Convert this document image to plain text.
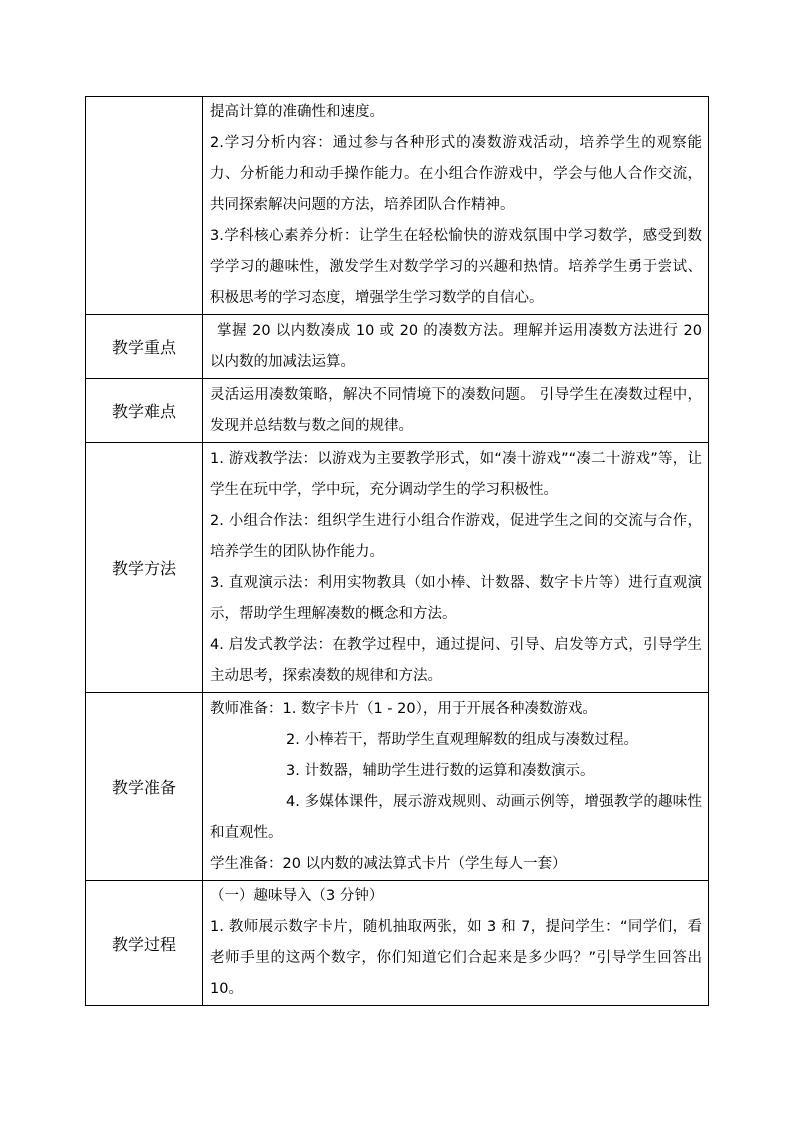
	提高计算的准确性和速度。

2.学习分析内容：通过参与各种形式的凑数游戏活动，培养学生的观察能力、分析能力和动手操作能力。在小组合作游戏中，学会与他人合作交流，共同探索解决问题的方法，培养团队合作精神。

3.学科核心素养分析：让学生在轻松愉快的游戏氛围中学习数学，感受到数学学习的趣味性，激发学生对数学学习的兴趣和热情。培养学生勇于尝试、积极思考的学习态度，增强学生学习数学的自信心。

教学重点	掌握 20 以内数凑成 10 或 20 的凑数方法。理解并运用凑数方法进行 20 以内数的加减法运算。

教学难点	灵活运用凑数策略，解决不同情境下的凑数问题。 引导学生在凑数过程中，发现并总结数与数之间的规律。

教学方法	1. 游戏教学法：以游戏为主要教学形式，如“凑十游戏”“凑二十游戏”等，让学生在玩中学，学中玩，充分调动学生的学习积极性。

2. 小组合作法：组织学生进行小组合作游戏，促进学生之间的交流与合作，培养学生的团队协作能力。

3. 直观演示法：利用实物教具（如小棒、计数器、数字卡片等）进行直观演示，帮助学生理解凑数的概念和方法。

4. 启发式教学法：在教学过程中，通过提问、引导、启发等方式，引导学生主动思考，探索凑数的规律和方法。

教学准备	教师准备：1. 数字卡片（1 - 20），用于开展各种凑数游戏。

2. 小棒若干，帮助学生直观理解数的组成与凑数过程。

3. 计数器，辅助学生进行数的运算和凑数演示。

4. 多媒体课件，展示游戏规则、动画示例等，增强教学的趣味性和直观性。

学生准备：20 以内数的减法算式卡片（学生每人一套）

教学过程	（一）趣味导入（3 分钟）

1. 教师展示数字卡片，随机抽取两张，如 3 和 7，提问学生：“同学们，看老师手里的这两个数字，你们知道它们合起来是多少吗？”引导学生回答出 10。
